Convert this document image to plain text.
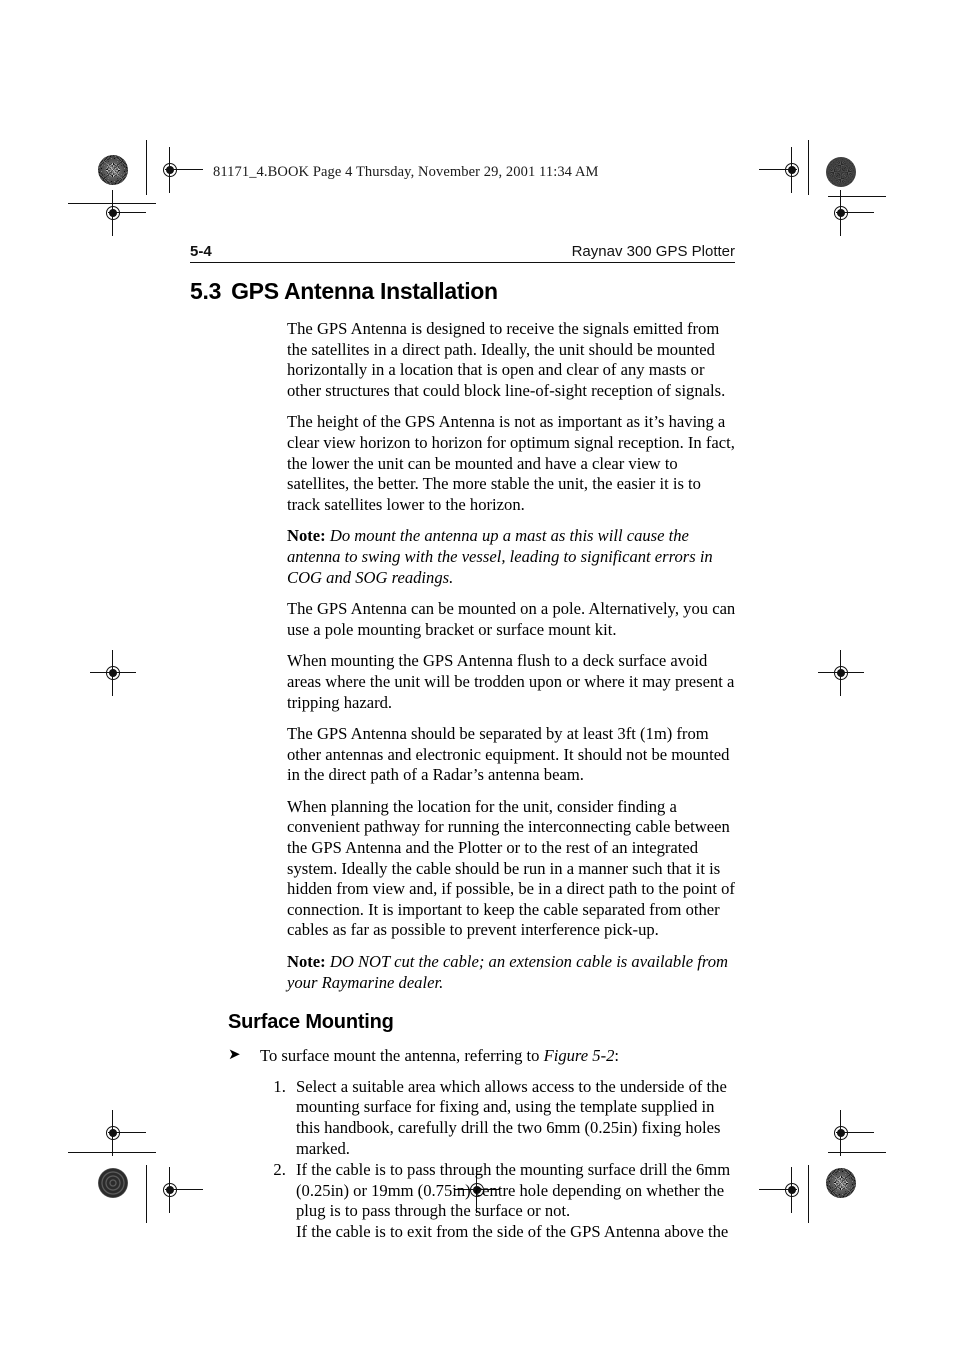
81171_4.BOOK Page 4 Thursday, November 29, 2001 11:34 AM
5-4	Raynav 300 GPS Plotter
5.3 GPS Antenna Installation

The GPS Antenna is designed to receive the signals emitted from the satellites in a direct path. Ideally, the unit should be mounted horizontally in a location that is open and clear of any masts or other structures that could block line-of-sight reception of signals.

The height of the GPS Antenna is not as important as it’s having a clear view horizon to horizon for optimum signal reception. In fact, the lower the unit can be mounted and have a clear view to satellites, the better. The more stable the unit, the easier it is to track satellites lower to the horizon.

Note: Do mount the antenna up a mast as this will cause the antenna to swing with the vessel, leading to significant errors in COG and SOG readings.

The GPS Antenna can be mounted on a pole. Alternatively, you can use a pole mounting bracket or surface mount kit.

When mounting the GPS Antenna flush to a deck surface avoid areas where the unit will be trodden upon or where it may present a tripping hazard.

The GPS Antenna should be separated by at least 3ft (1m) from other antennas and electronic equipment. It should not be mounted in the direct path of a Radar’s antenna beam.

When planning the location for the unit, consider finding a convenient pathway for running the interconnecting cable between the GPS Antenna and the Plotter or to the rest of an integrated system. Ideally the cable should be run in a manner such that it is hidden from view and, if possible, be in a direct path to the point of connection. It is important to keep the cable separated from other cables as far as possible to prevent interference pick-up.

Note: DO NOT cut the cable; an extension cable is available from your Raymarine dealer.

Surface Mounting
➤ To surface mount the antenna, referring to Figure 5-2:
1. Select a suitable area which allows access to the underside of the mounting surface for fixing and, using the template supplied in this handbook, carefully drill the two 6mm (0.25in) fixing holes marked.
2. If the cable is to pass through the mounting surface drill the 6mm (0.25in) or 19mm (0.75in) centre hole depending on whether the plug is to pass through the surface or not.
If the cable is to exit from the side of the GPS Antenna above the
